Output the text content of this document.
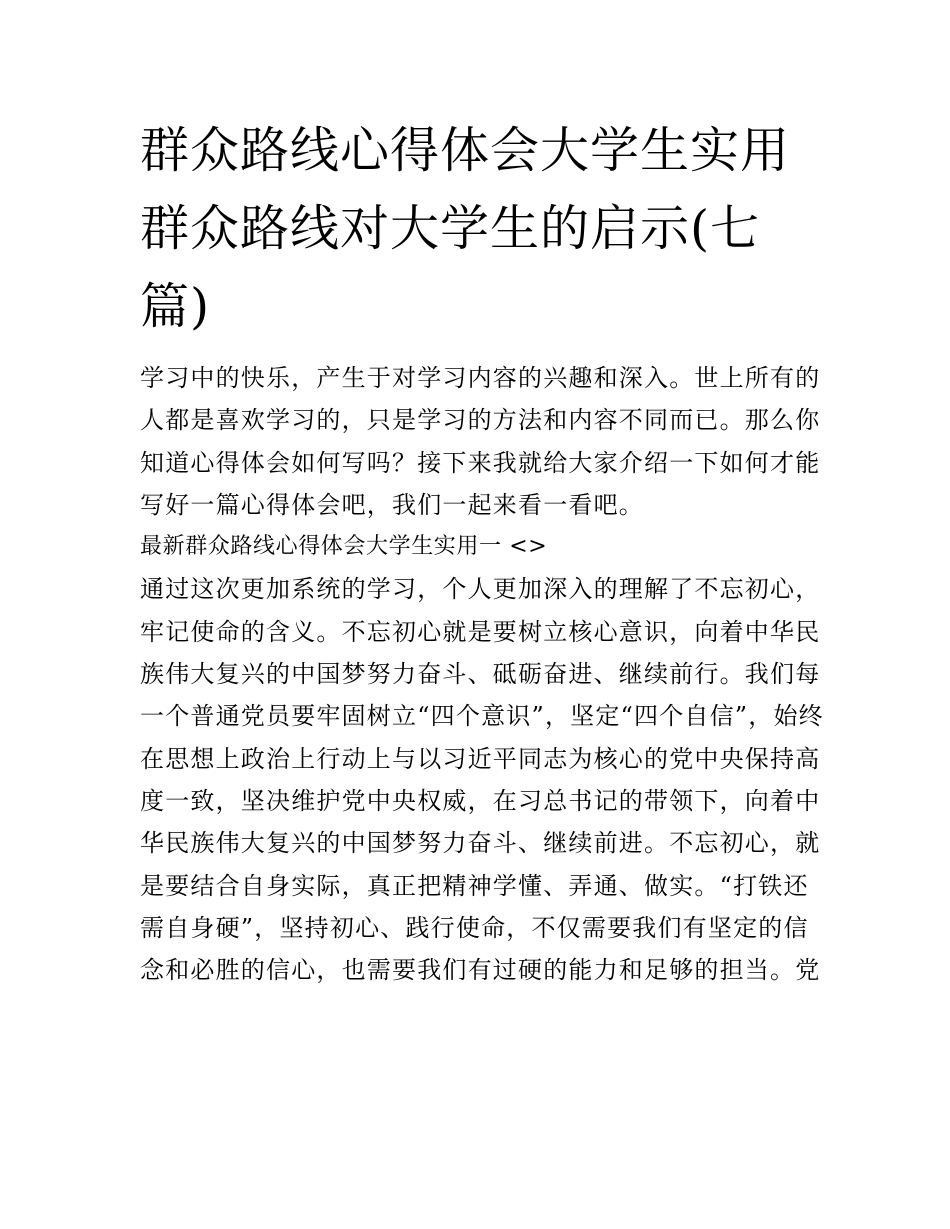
群众路线心得体会大学生实用
群众路线对大学生的启示(七
篇)

学习中的快乐，产生于对学习内容的兴趣和深入。世上所有的
人都是喜欢学习的，只是学习的方法和内容不同而已。那么你
知道心得体会如何写吗？接下来我就给大家介绍一下如何才能
写好一篇心得体会吧，我们一起来看一看吧。

最新群众路线心得体会大学生实用一 <>

通过这次更加系统的学习，个人更加深入的理解了不忘初心，
牢记使命的含义。不忘初心就是要树立核心意识，向着中华民
族伟大复兴的中国梦努力奋斗、砥砺奋进、继续前行。我们每
一个普通党员要牢固树立“四个意识”，坚定“四个自信”，始终
在思想上政治上行动上与以习近平同志为核心的党中央保持高
度一致，坚决维护党中央权威，在习总书记的带领下，向着中
华民族伟大复兴的中国梦努力奋斗、继续前进。不忘初心，就
是要结合自身实际，真正把精神学懂、弄通、做实。“打铁还
需自身硬”，坚持初心、践行使命，不仅需要我们有坚定的信
念和必胜的信心，也需要我们有过硬的能力和足够的担当。党
